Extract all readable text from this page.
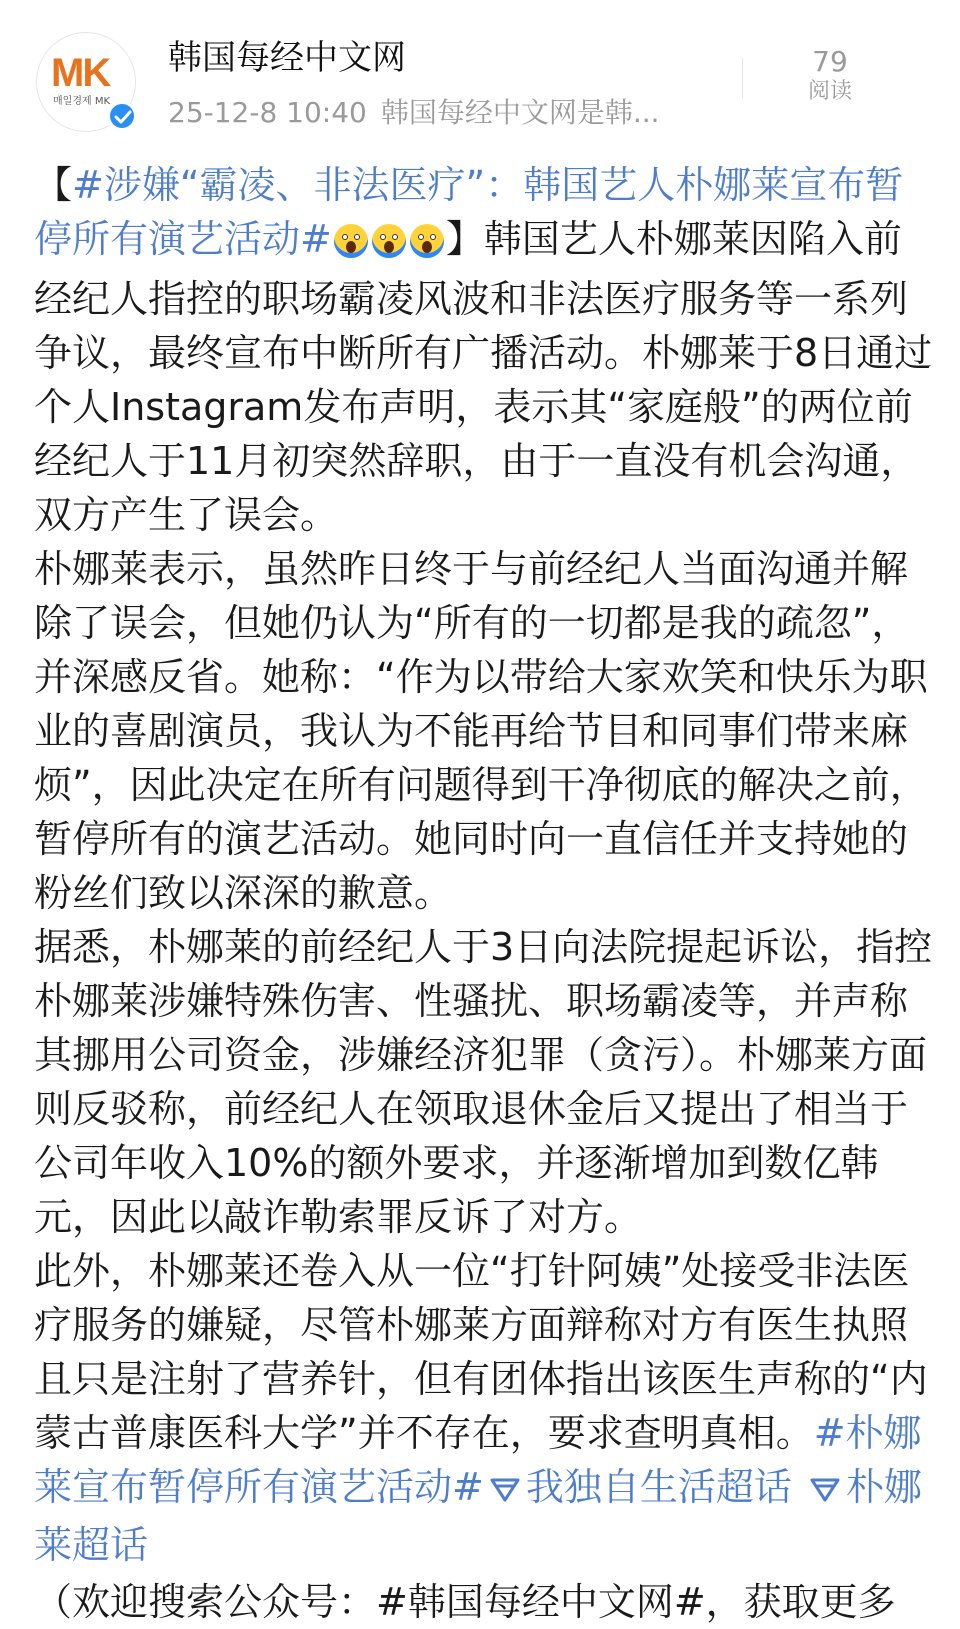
MK
매일경제 MK
韩国每经中文网
25-12-8 10:40 韩国每经中文网是韩...
79
阅读

【#涉嫌“霸凌、非法医疗”：韩国艺人朴娜莱宣布暂停所有演艺活动#	】韩国艺人朴娜莱因陷入前经纪人指控的职场霸凌风波和非法医疗服务等一系列争议，最终宣布中断所有广播活动。朴娜莱于8日通过个人Instagram发布声明，表示其“家庭般”的两位前经纪人于11月初突然辞职，由于一直没有机会沟通，双方产生了误会。

朴娜莱表示，虽然昨日终于与前经纪人当面沟通并解除了误会，但她仍认为“所有的一切都是我的疏忽”，并深感反省。她称：“作为以带给大家欢笑和快乐为职业的喜剧演员，我认为不能再给节目和同事们带来麻烦”，因此决定在所有问题得到干净彻底的解决之前，暂停所有的演艺活动。她同时向一直信任并支持她的粉丝们致以深深的歉意。

据悉，朴娜莱的前经纪人于3日向法院提起诉讼，指控朴娜莱涉嫌特殊伤害、性骚扰、职场霸凌等，并声称其挪用公司资金，涉嫌经济犯罪（贪污）。朴娜莱方面则反驳称，前经纪人在领取退休金后又提出了相当于公司年收入10%的额外要求，并逐渐增加到数亿韩元，因此以敲诈勒索罪反诉了对方。

此外，朴娜莱还卷入从一位“打针阿姨”处接受非法医疗服务的嫌疑，尽管朴娜莱方面辩称对方有医生执照且只是注射了营养针，但有团体指出该医生声称的“内蒙古普康医科大学”并不存在，要求查明真相。#朴娜莱宣布暂停所有演艺活动# 我独自生活超话 朴娜莱超话

（欢迎搜索公众号：#韩国每经中文网#，获取更多
